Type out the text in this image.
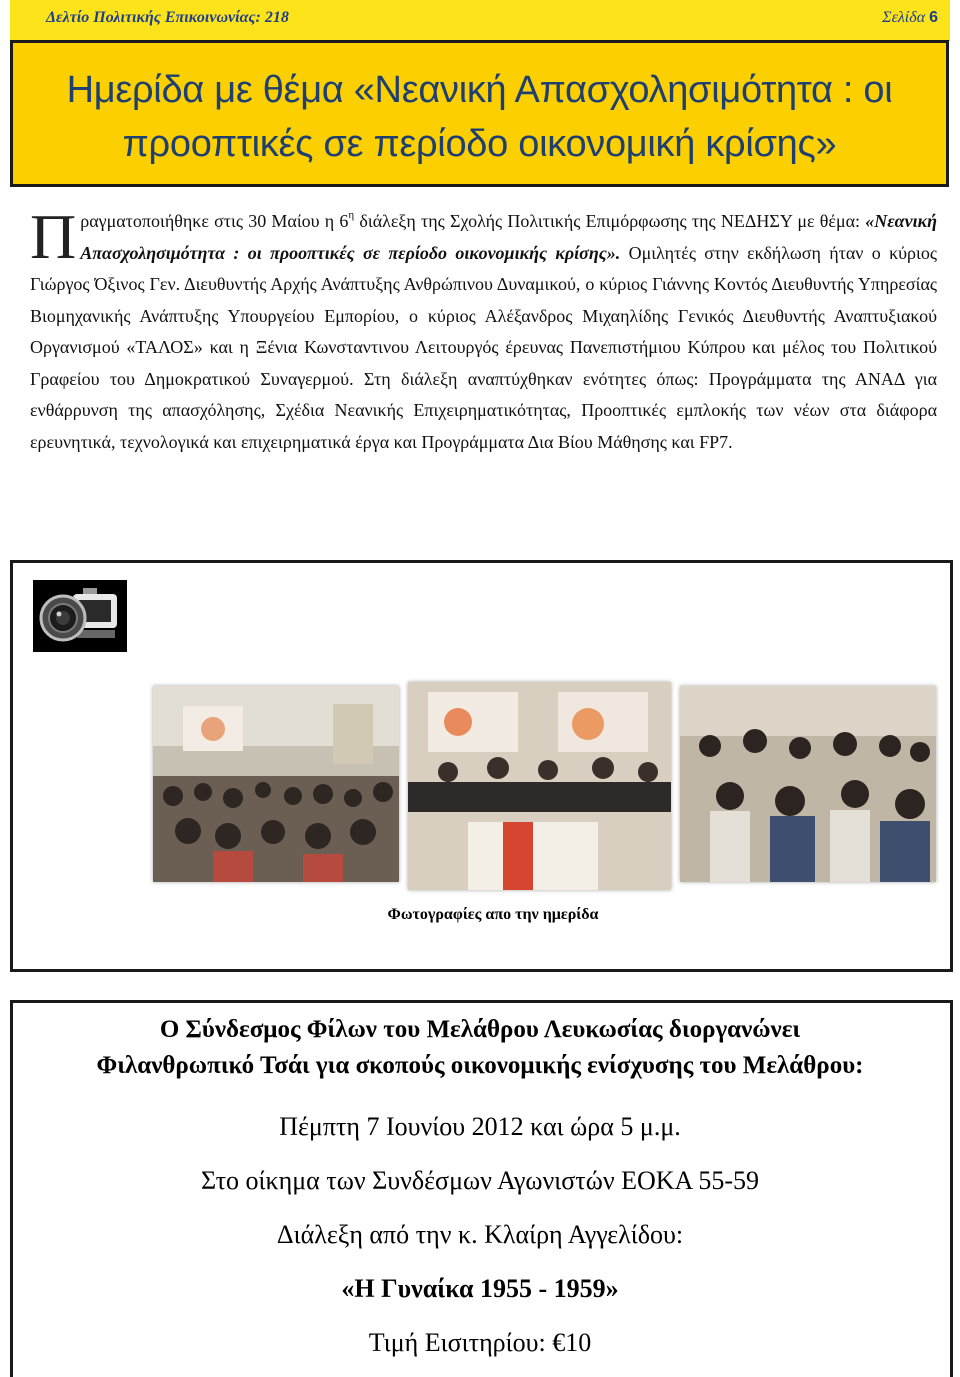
Δελτίο Πολιτικής Επικοινωνίας: 218	Σελίδα 6
Ημερίδα με θέμα «Νεανική Απασχολησιμότητα : οι
προοπτικές σε περίοδο οικονομική κρίσης»
Πραγματοποιήθηκε στις 30 Μαίου η $6^\eta$ διάλεξη της Σχολής Πολιτικής Επιμόρφωσης της ΝΕΔΗΣΥ με θέμα: «Νεανική Απασχολησιμότητα : οι προοπτικές σε περίοδο οικονομικής κρίσης». Ομιλητές στην εκδήλωση ήταν ο κύριος Γιώργος Όξινος Γεν. Διευθυντής Αρχής Ανάπτυξης Ανθρώπινου Δυναμικού, ο κύριος Γιάννης Κοντός Διευθυντής Υπηρεσίας Βιομηχανικής Ανάπτυξης Υπουργείου Εμπορίου, ο κύριος Αλέξανδρος Μιχαηλίδης Γενικός Διευθυντής Αναπτυξιακού Οργανισμού «ΤΑΛΟΣ» και η Ξένια Κωνσταντινου Λειτουργός έρευνας Πανεπιστήμιου Κύπρου και μέλος του Πολιτικού Γραφείου του Δημοκρατικού Συναγερμού. Στη διάλεξη αναπτύχθηκαν ενότητες όπως: Προγράμματα της ΑΝΑΔ για ενθάρρυνση της απασχόλησης, Σχέδια Νεανικής Επιχειρηματικότητας, Προοπτικές εμπλοκής των νέων στα διάφορα ερευνητικά, τεχνολογικά και επιχειρηματικά έργα και Προγράμματα Δια Βίου Μάθησης και FP7.
Φωτογραφίες απο την ημερίδα
Ο Σύνδεσμος Φίλων του Μελάθρου Λευκωσίας διοργανώνει
Φιλανθρωπικό Τσάι για σκοπούς οικονομικής ενίσχυσης του Μελάθρου:
Πέμπτη 7 Ιουνίου 2012 και ώρα 5 μ.μ.
Στο οίκημα των Συνδέσμων Αγωνιστών ΕΟΚΑ 55-59
Διάλεξη από την κ. Κλαίρη Αγγελίδου:
«Η Γυναίκα 1955 - 1959»
Τιμή Εισιτηρίου: €10
